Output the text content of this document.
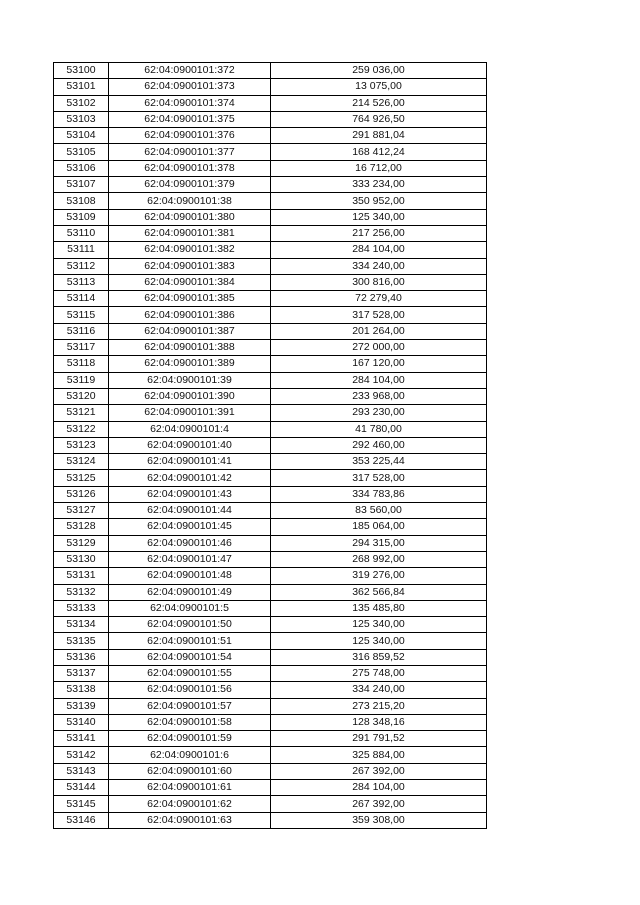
53100	62:04:0900101:372	259 036,00
53101	62:04:0900101:373	13 075,00
53102	62:04:0900101:374	214 526,00
53103	62:04:0900101:375	764 926,50
53104	62:04:0900101:376	291 881,04
53105	62:04:0900101:377	168 412,24
53106	62:04:0900101:378	16 712,00
53107	62:04:0900101:379	333 234,00
53108	62:04:0900101:38	350 952,00
53109	62:04:0900101:380	125 340,00
53110	62:04:0900101:381	217 256,00
53111	62:04:0900101:382	284 104,00
53112	62:04:0900101:383	334 240,00
53113	62:04:0900101:384	300 816,00
53114	62:04:0900101:385	72 279,40
53115	62:04:0900101:386	317 528,00
53116	62:04:0900101:387	201 264,00
53117	62:04:0900101:388	272 000,00
53118	62:04:0900101:389	167 120,00
53119	62:04:0900101:39	284 104,00
53120	62:04:0900101:390	233 968,00
53121	62:04:0900101:391	293 230,00
53122	62:04:0900101:4	41 780,00
53123	62:04:0900101:40	292 460,00
53124	62:04:0900101:41	353 225,44
53125	62:04:0900101:42	317 528,00
53126	62:04:0900101:43	334 783,86
53127	62:04:0900101:44	83 560,00
53128	62:04:0900101:45	185 064,00
53129	62:04:0900101:46	294 315,00
53130	62:04:0900101:47	268 992,00
53131	62:04:0900101:48	319 276,00
53132	62:04:0900101:49	362 566,84
53133	62:04:0900101:5	135 485,80
53134	62:04:0900101:50	125 340,00
53135	62:04:0900101:51	125 340,00
53136	62:04:0900101:54	316 859,52
53137	62:04:0900101:55	275 748,00
53138	62:04:0900101:56	334 240,00
53139	62:04:0900101:57	273 215,20
53140	62:04:0900101:58	128 348,16
53141	62:04:0900101:59	291 791,52
53142	62:04:0900101:6	325 884,00
53143	62:04:0900101:60	267 392,00
53144	62:04:0900101:61	284 104,00
53145	62:04:0900101:62	267 392,00
53146	62:04:0900101:63	359 308,00
